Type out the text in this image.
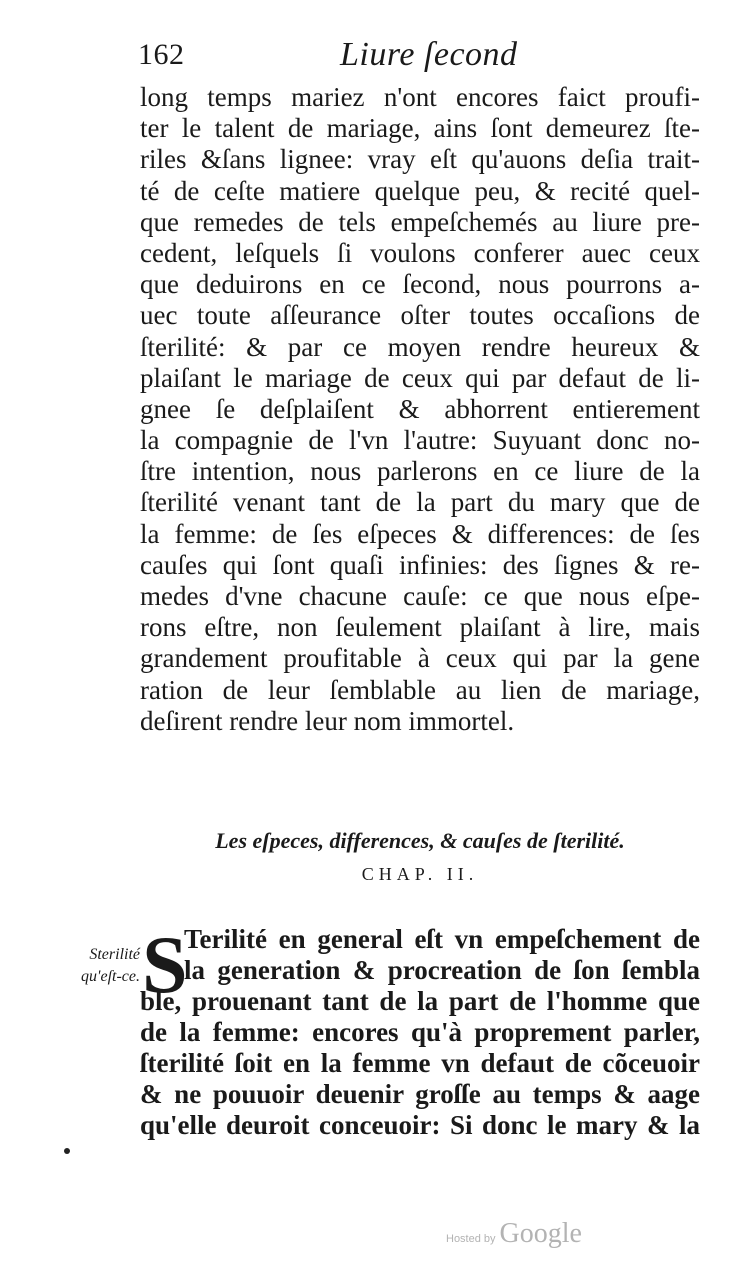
162	Liure ſecond
long temps mariez n'ont encores faict proufi-
ter le talent de mariage, ains ſont demeurez ſte-
riles &ſans lignee: vray eſt qu'auons deſia trait-
té de ceſte matiere quelque peu, & recité quel-
que remedes de tels empeſchemés au liure pre-
cedent, leſquels ſi voulons conferer auec ceux
que deduirons en ce ſecond, nous pourrons a-
uec toute aſſeurance oſter toutes occaſions de
ſterilité: & par ce moyen rendre heureux &
plaiſant le mariage de ceux qui par defaut de li-
gnee ſe deſplaiſent & abhorrent entierement
la compagnie de l'vn l'autre: Suyuant donc no-
ſtre intention, nous parlerons en ce liure de la
ſterilité venant tant de la part du mary que de
la femme: de ſes eſpeces & differences: de ſes
cauſes qui ſont quaſi infinies: des ſignes & re-
medes d'vne chacune cauſe: ce que nous eſpe-
rons eſtre, non ſeulement plaiſant à lire, mais
grandement proufitable à ceux qui par la gene
ration de leur ſemblable au lien de mariage,
deſirent rendre leur nom immortel.
Les eſpeces, differences, & cauſes de ſterilité.
CHAP. II.
Sterilité
qu'eſt-ce. S
Terilité en general eſt vn empeſchement de
la generation & procreation de ſon ſembla
ble, prouenant tant de la part de l'homme que
de la femme: encores qu'à proprement parler,
ſterilité ſoit en la femme vn defaut de cõceuoir
& ne pouuoir deuenir groſſe au temps & aage
qu'elle deuroit conceuoir: Si donc le mary & la
Hosted by Google
